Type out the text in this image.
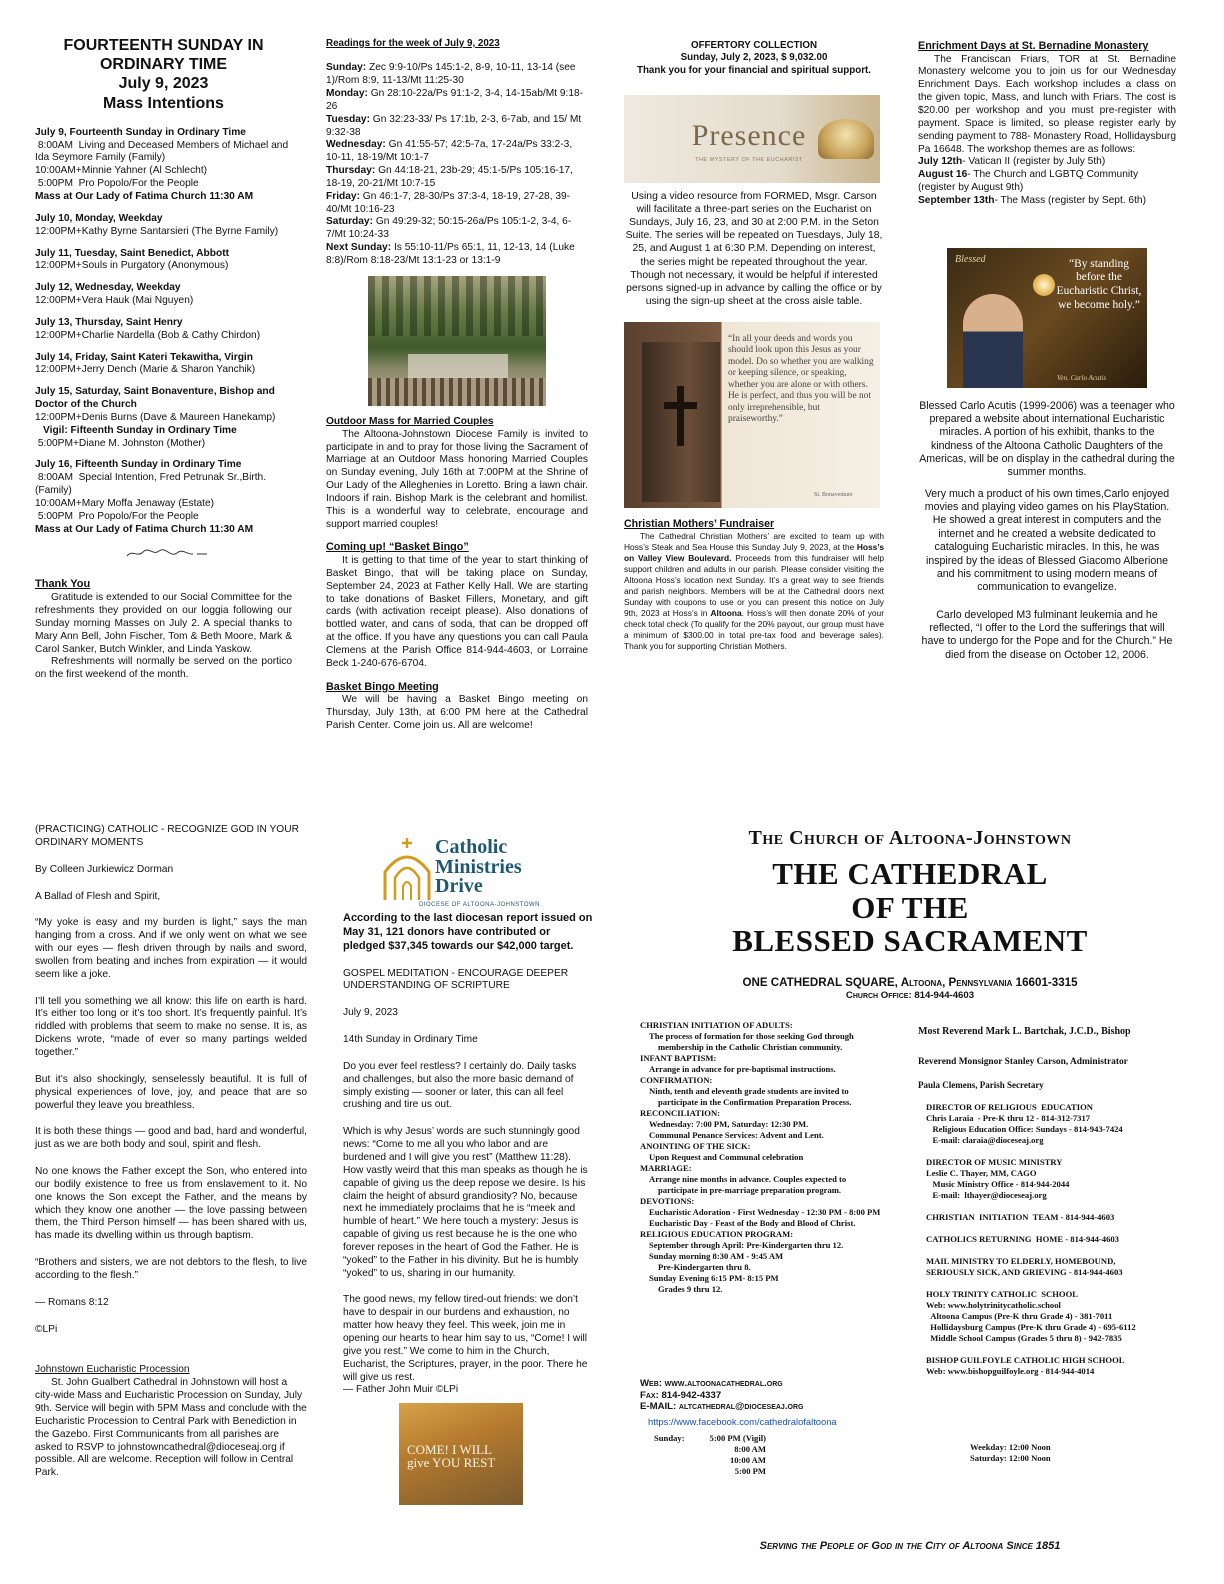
FOURTEENTH SUNDAY IN
ORDINARY TIME
July 9, 2023
Mass Intentions
July 9, Fourteenth Sunday in Ordinary Time
8:00AM  Living and Deceased Members of Michael and Ida Seymore Family (Family)
10:00AM+Minnie Yahner (Al Schlecht)
5:00PM  Pro Popolo/For the People
Mass at Our Lady of Fatima Church 11:30 AM
July 10, Monday, Weekday
12:00PM+Kathy Byrne Santarsieri (The Byrne Family)
July 11, Tuesday, Saint Benedict, Abbott
12:00PM+Souls in Purgatory (Anonymous)
July 12, Wednesday, Weekday
12:00PM+Vera Hauk (Mai Nguyen)
July 13, Thursday, Saint Henry
12:00PM+Charlie Nardella (Bob & Cathy Chirdon)
July 14, Friday, Saint Kateri Tekawitha, Virgin
12:00PM+Jerry Dench (Marie & Sharon Yanchik)
July 15, Saturday, Saint Bonaventure, Bishop and Doctor of the Church
12:00PM+Denis Burns (Dave & Maureen Hanekamp)
Vigil: Fifteenth Sunday in Ordinary Time
5:00PM+Diane M. Johnston (Mother)
July 16, Fifteenth Sunday in Ordinary Time
8:00AM  Special Intention, Fred Petrunak Sr.,Birth. (Family)
10:00AM+Mary Moffa Jenaway (Estate)
5:00PM  Pro Popolo/For the People
Mass at Our Lady of Fatima Church 11:30 AM
Thank You

Gratitude is extended to our Social Committee for the refreshments they provided on our loggia following our Sunday morning Masses on July 2. A special thanks to Mary Ann Bell, John Fischer, Tom & Beth Moore, Mark & Carol Sanker, Butch Winkler, and Linda Yaskow.

Refreshments will normally be served on the portico on the first weekend of the month.

Readings for the week of July 9, 2023

Sunday: Zec 9:9-10/Ps 145:1-2, 8-9, 10-11, 13-14 (see 1)/Rom 8:9, 11-13/Mt 11:25-30

Monday: Gn 28:10-22a/Ps 91:1-2, 3-4, 14-15ab/Mt 9:18-26

Tuesday: Gn 32:23-33/ Ps 17:1b, 2-3, 6-7ab, and 15/ Mt 9:32-38

Wednesday: Gn 41:55-57; 42:5-7a, 17-24a/Ps 33:2-3, 10-11, 18-19/Mt 10:1-7

Thursday: Gn 44:18-21, 23b-29; 45:1-5/Ps 105:16-17, 18-19, 20-21/Mt 10:7-15

Friday: Gn 46:1-7, 28-30/Ps 37:3-4, 18-19, 27-28, 39-40/Mt 10:16-23

Saturday: Gn 49:29-32; 50:15-26a/Ps 105:1-2, 3-4, 6-7/Mt 10:24-33

Next Sunday: Is 55:10-11/Ps 65:1, 11, 12-13, 14 (Luke 8:8)/Rom 8:18-23/Mt 13:1-23 or 13:1-9

Outdoor Mass for Married Couples

The Altoona-Johnstown Diocese Family is invited to participate in and to pray for those living the Sacrament of Marriage at an Outdoor Mass honoring Married Couples on Sunday evening, July 16th at 7:00PM at the Shrine of Our Lady of the Alleghenies in Loretto. Bring a lawn chair. Indoors if rain. Bishop Mark is the celebrant and homilist. This is a wonderful way to celebrate, encourage and support married couples!

Coming up! “Basket Bingo”

It is getting to that time of the year to start thinking of Basket Bingo, that will be taking place on Sunday, September 24, 2023 at Father Kelly Hall. We are starting to take donations of Basket Fillers, Monetary, and gift cards (with activation receipt please). Also donations of bottled water, and cans of soda, that can be dropped off at the office. If you have any questions you can call Paula Clemens at the Parish Office 814-944-4603, or Lorraine Beck 1-240-676-6704.

Basket Bingo Meeting

We will be having a Basket Bingo meeting on Thursday, July 13th, at 6:00 PM here at the Cathedral Parish Center. Come join us. All are welcome!

OFFERTORY COLLECTION
Sunday, July 2, 2023, $ 9,032.00
Thank you for your financial and spiritual support.
Presence
THE MYSTERY OF THE EUCHARIST

Using a video resource from FORMED, Msgr. Carson will facilitate a three-part series on the Eucharist on Sundays, July 16, 23, and 30 at 2:00 P.M. in the Seton Suite. The series will be repeated on Tuesdays, July 18, 25, and August 1 at 6:30 P.M. Depending on interest, the series might be repeated throughout the year. Though not necessary, it would be helpful if interested persons signed-up in advance by calling the office or by using the sign-up sheet at the cross aisle table.

“In all your deeds and words you should look upon this Jesus as your model. Do so whether you are walking or keeping silence, or speaking, whether you are alone or with others. He is perfect, and thus you will be not only irreprehensible, but praiseworthy.”
St. Bonaventure
Christian Mothers’ Fundraiser

The Cathedral Christian Mothers’ are excited to team up with Hoss’s Steak and Sea House this Sunday July 9, 2023, at the Hoss’s on Valley View Boulevard. Proceeds from this fundraiser will help support children and adults in our parish. Please consider visiting the Altoona Hoss’s location next Sunday. It’s a great way to see friends and parish neighbors. Members will be at the Cathedral doors next Sunday with coupons to use or you can present this notice on July 9th, 2023 at Hoss’s in Altoona. Hoss’s will then donate 20% of your check total check (To qualify for the 20% payout, our group must have a minimum of $300.00 in total pre-tax food and beverage sales). Thank you for supporting Christian Mothers.

Enrichment Days at St. Bernadine Monastery

The Franciscan Friars, TOR at St. Bernadine Monastery welcome you to join us for our Wednesday Enrichment Days. Each workshop includes a class on the given topic, Mass, and lunch with Friars. The cost is $20.00 per workshop and you must pre-register with payment. Space is limited, so please register early by sending payment to 788- Monastery Road, Hollidaysburg Pa 16648. The workshop themes are as follows:

July 12th- Vatican II (register by July 5th)

August 16- The Church and LGBTQ Community (register by August 9th)

September 13th- The Mass (register by Sept. 6th)

Blessed	“By standing before the Eucharistic Christ, we become holy.”
Ven. Carlo Acutis

Blessed Carlo Acutis (1999-2006) was a teenager who prepared a website about international Eucharistic miracles. A portion of his exhibit, thanks to the kindness of the Altoona Catholic Daughters of the Americas, will be on display in the cathedral during the summer months.

Very much a product of his own times,Carlo enjoyed movies and playing video games on his PlayStation. He showed a great interest in computers and the internet and he created a website dedicated to cataloguing Eucharistic miracles. In this, he was inspired by the ideas of Blessed Giacomo Alberione and his commitment to using modern means of communication to evangelize.

Carlo developed M3 fulminant leukemia and he reflected, “I offer to the Lord the sufferings that will have to undergo for the Pope and for the Church.” He died from the disease on October 12, 2006.

(PRACTICING) CATHOLIC - RECOGNIZE GOD IN YOUR ORDINARY MOMENTS

By Colleen Jurkiewicz Dorman

A Ballad of Flesh and Spirit,

“My yoke is easy and my burden is light,” says the man hanging from a cross. And if we only went on what we see with our eyes — flesh driven through by nails and sword, swollen from beating and inches from expiration — it would seem like a joke.

I’ll tell you something we all know: this life on earth is hard. It’s either too long or it’s too short. It’s frequently painful. It’s riddled with problems that seem to make no sense. It is, as Dickens wrote, “made of ever so many partings welded together.”

But it’s also shockingly, senselessly beautiful. It is full of physical experiences of love, joy, and peace that are so powerful they leave you breathless.

It is both these things — good and bad, hard and wonderful, just as we are both body and soul, spirit and flesh.

No one knows the Father except the Son, who entered into our bodily existence to free us from enslavement to it. No one knows the Son except the Father, and the means by which they know one another — the love passing between them, the Third Person himself — has been shared with us, has made its dwelling within us through baptism.

“Brothers and sisters, we are not debtors to the flesh, to live according to the flesh.”

— Romans 8:12

©LPi

Johnstown Eucharistic Procession

St. John Gualbert Cathedral in Johnstown will host a city-wide Mass and Eucharistic Procession on Sunday, July 9th. Service will begin with 5PM Mass and conclude with the Eucharistic Procession to Central Park with Benediction in the Gazebo. First Communicants from all parishes are asked to RSVP to johnstowncathedral@dioceseaj.org if possible. All are welcome. Reception will follow in Central Park.

Catholic
Ministries
Drive
DIOCESE OF ALTOONA-JOHNSTOWN

According to the last diocesan report issued on May 31, 121 donors have contributed or pledged $37,345 towards our $42,000 target.

GOSPEL MEDITATION - ENCOURAGE DEEPER UNDERSTANDING OF SCRIPTURE

July 9, 2023

14th Sunday in Ordinary Time

Do you ever feel restless? I certainly do. Daily tasks and challenges, but also the more basic demand of simply existing — sooner or later, this can all feel crushing and tire us out.

Which is why Jesus’ words are such stunningly good news: “Come to me all you who labor and are burdened and I will give you rest” (Matthew 11:28). How vastly weird that this man speaks as though he is capable of giving us the deep repose we desire. Is his claim the height of absurd grandiosity? No, because next he immediately proclaims that he is “meek and humble of heart.” We here touch a mystery: Jesus is capable of giving us rest because he is the one who forever reposes in the heart of God the Father. He is “yoked” to the Father in his divinity. But he is humbly “yoked” to us, sharing in our humanity.

The good news, my fellow tired-out friends: we don’t have to despair in our burdens and exhaustion, no matter how heavy they feel. This week, join me in opening our hearts to hear him say to us, “Come! I will give you rest.” We come to him in the Church, Eucharist, the Scriptures, prayer, in the poor. There he will give us rest.

— Father John Muir ©LPi

COME! I WILL give YOU REST
The Church of Altoona-Johnstown
THE CATHEDRAL
OF THE
BLESSED SACRAMENT
ONE CATHEDRAL SQUARE, Altoona, Pennsylvania 16601-3315
Church Office: 814-944-4603

CHRISTIAN INITIATION OF ADULTS:

The process of formation for those seeking God through

membership in the Catholic Christian community.

INFANT BAPTISM:

Arrange in advance for pre-baptismal instructions.

CONFIRMATION:

Ninth, tenth and eleventh grade students are invited to

participate in the Confirmation Preparation Process.

RECONCILIATION:

Wednesday: 7:00 PM, Saturday: 12:30 PM.

Communal Penance Services: Advent and Lent.

ANOINTING OF THE SICK:

Upon Request and Communal celebration

MARRIAGE:

Arrange nine months in advance. Couples expected to

participate in pre-marriage preparation program.

DEVOTIONS:

Eucharistic Adoration - First Wednesday - 12:30 PM - 8:00 PM

Eucharistic Day - Feast of the Body and Blood of Christ.

RELIGIOUS EDUCATION PROGRAM:

September through April: Pre-Kindergarten thru 12.

Sunday morning 8:30 AM - 9:45 AM

Pre-Kindergarten thru 8.

Sunday Evening 6:15 PM- 8:15 PM

Grades 9 thru 12.

Web: www.altoonacathedral.org
Fax: 814-942-4337
E-MAIL: altcathedral@dioceseaj.org
https://www.facebook.com/cathedralofaltoona
Sunday:	5:00 PM (Vigil)
8:00 AM
10:00 AM
5:00 PM
Most Reverend Mark L. Bartchak, J.C.D., Bishop
Reverend Monsignor Stanley Carson, Administrator
Paula Clemens, Parish Secretary

DIRECTOR OF RELIGIOUS  EDUCATION

Chris Laraia  - Pre-K thru 12 - 814-312-7317

Religious Education Office: Sundays - 814-943-7424

E-mail: claraia@dioceseaj.org

DIRECTOR OF MUSIC MINISTRY

Leslie C. Thayer, MM, CAGO

Music Ministry Office - 814-944-2044

E-mail:  lthayer@dioceseaj.org

CHRISTIAN  INITIATION  TEAM - 814-944-4603

CATHOLICS RETURNING  HOME - 814-944-4603

MAIL MINISTRY TO ELDERLY, HOMEBOUND,

SERIOUSLY SICK, AND GRIEVING - 814-944-4603

HOLY TRINITY CATHOLIC  SCHOOL

Web: www.holytrinitycatholic.school

Altoona Campus (Pre-K thru Grade 4) - 381-7011

Hollidaysburg Campus (Pre-K thru Grade 4) - 695-6112

Middle School Campus (Grades 5 thru 8) - 942-7835

BISHOP GUILFOYLE CATHOLIC HIGH SCHOOL

Web: www.bishopguilfoyle.org - 814-944-4014

Weekday: 12:00 Noon
Saturday: 12:00 Noon
Serving the People of God in the City of Altoona Since 1851
